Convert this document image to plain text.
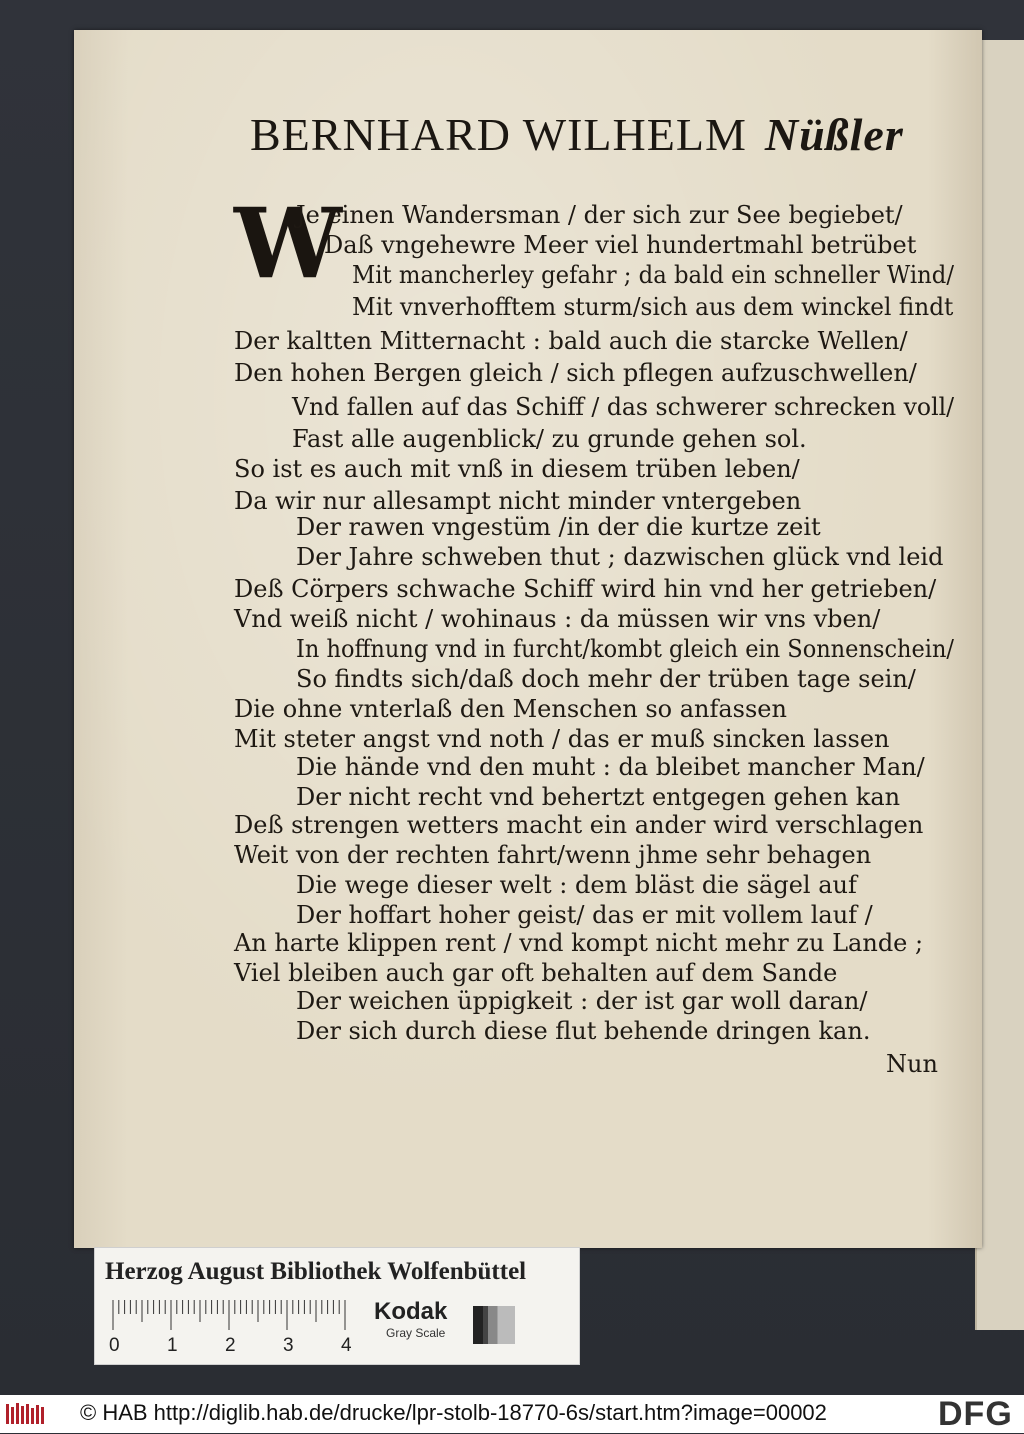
BERNHARD WILHELM Nüßler
W
Je einen Wandersman / der sich zur See begiebet/
Daß vngehewre Meer viel hundertmahl betrübet
Mit mancherley gefahr ; da bald ein schneller Wind/
Mit vnverhofftem sturm/sich aus dem winckel findt
Der kaltten Mitternacht : bald auch die starcke Wellen/
Den hohen Bergen gleich / sich pflegen aufzuschwellen/
Vnd fallen auf das Schiff / das schwerer schrecken voll/
Fast alle augenblick/ zu grunde gehen sol.
So ist es auch mit vnß in diesem trüben leben/
Da wir nur allesampt nicht minder vntergeben
Der rawen vngestüm /in der die kurtze zeit
Der Jahre schweben thut ; dazwischen glück vnd leid
Deß Cörpers schwache Schiff wird hin vnd her getrieben/
Vnd weiß nicht / wohinaus : da müssen wir vns vben/
In hoffnung vnd in furcht/kombt gleich ein Sonnenschein/
So findts sich/daß doch mehr der trüben tage sein/
Die ohne vnterlaß den Menschen so anfassen
Mit steter angst vnd noth / das er muß sincken lassen
Die hände vnd den muht : da bleibet mancher Man/
Der nicht recht vnd behertzt entgegen gehen kan
Deß strengen wetters macht ein ander wird verschlagen
Weit von der rechten fahrt/wenn jhme sehr behagen
Die wege dieser welt : dem bläst die sägel auf
Der hoffart hoher geist/ das er mit vollem lauf /
An harte klippen rent / vnd kompt nicht mehr zu Lande ;
Viel bleiben auch gar oft behalten auf dem Sande
Der weichen üppigkeit : der ist gar woll daran/
Der sich durch diese flut behende dringen kan.
Nun
Herzog August Bibliothek Wolfenbüttel
0 1 2 3 4
Kodak
Gray Scale
© HAB http://diglib.hab.de/drucke/lpr-stolb-18770-6s/start.htm?image=00002	DFG
